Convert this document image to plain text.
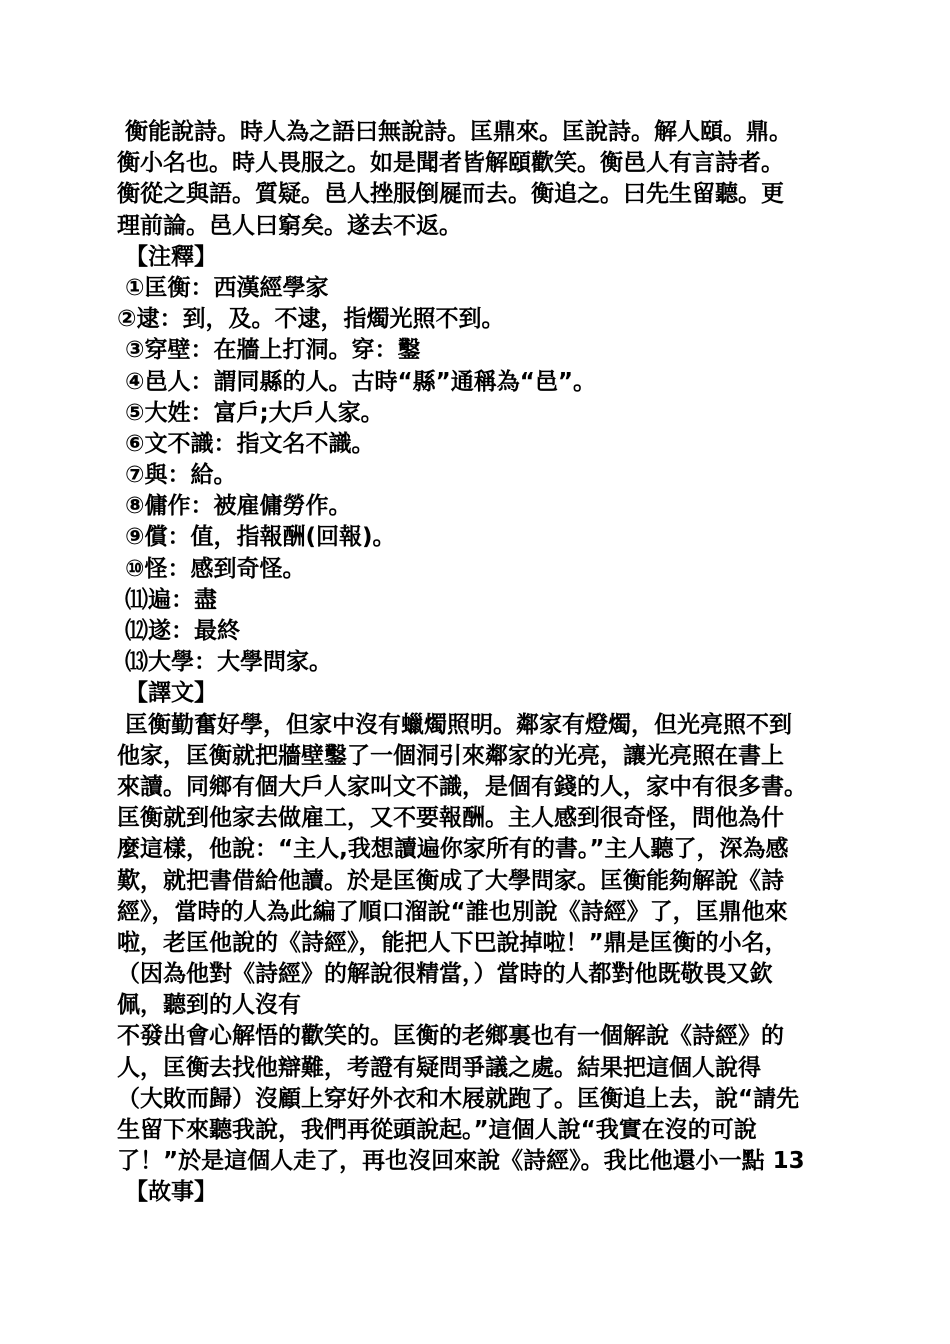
衡能說詩。時人為之語曰無說詩。匡鼎來。匡說詩。解人頤。鼎。
衡小名也。時人畏服之。如是聞者皆解頤歡笑。衡邑人有言詩者。
衡從之與語。質疑。邑人挫服倒屣而去。衡追之。曰先生留聽。更
理前論。邑人曰窮矣。遂去不返。
【注釋】
①匡衡：西漢經學家
②逮：到，及。不逮，指燭光照不到。
③穿壁：在牆上打洞。穿：鑿
④邑人：謂同縣的人。古時“縣”通稱為“邑”。
⑤大姓：富戶;大戶人家。
⑥文不識：指文名不識。
⑦與：給。
⑧傭作：被雇傭勞作。
⑨償：值，指報酬(回報)。
⑩怪：感到奇怪。
⑾遍：盡
⑿遂：最終
⒀大學：大學問家。
【譯文】
匡衡勤奮好學，但家中沒有蠟燭照明。鄰家有燈燭，但光亮照不到
他家，匡衡就把牆壁鑿了一個洞引來鄰家的光亮，讓光亮照在書上
來讀。同鄉有個大戶人家叫文不識，是個有錢的人，家中有很多書。
匡衡就到他家去做雇工，又不要報酬。主人感到很奇怪，問他為什
麼這樣，他說：“主人,我想讀遍你家所有的書。”主人聽了，深為感
歎，就把書借給他讀。於是匡衡成了大學問家。匡衡能夠解說《詩
經》，當時的人為此編了順口溜說“誰也別說《詩經》了，匡鼎他來
啦，老匡他說的《詩經》，能把人下巴說掉啦！”鼎是匡衡的小名，
（因為他對《詩經》的解說很精當，）當時的人都對他既敬畏又欽
佩，聽到的人沒有
不發出會心解悟的歡笑的。匡衡的老鄉裏也有一個解說《詩經》的
人，匡衡去找他辯難，考證有疑問爭議之處。結果把這個人說得
（大敗而歸）沒顧上穿好外衣和木屐就跑了。匡衡追上去，說“請先
生留下來聽我說，我們再從頭說起。”這個人說“我實在沒的可說
了！”於是這個人走了，再也沒回來說《詩經》。我比他還小一點 13
【故事】
